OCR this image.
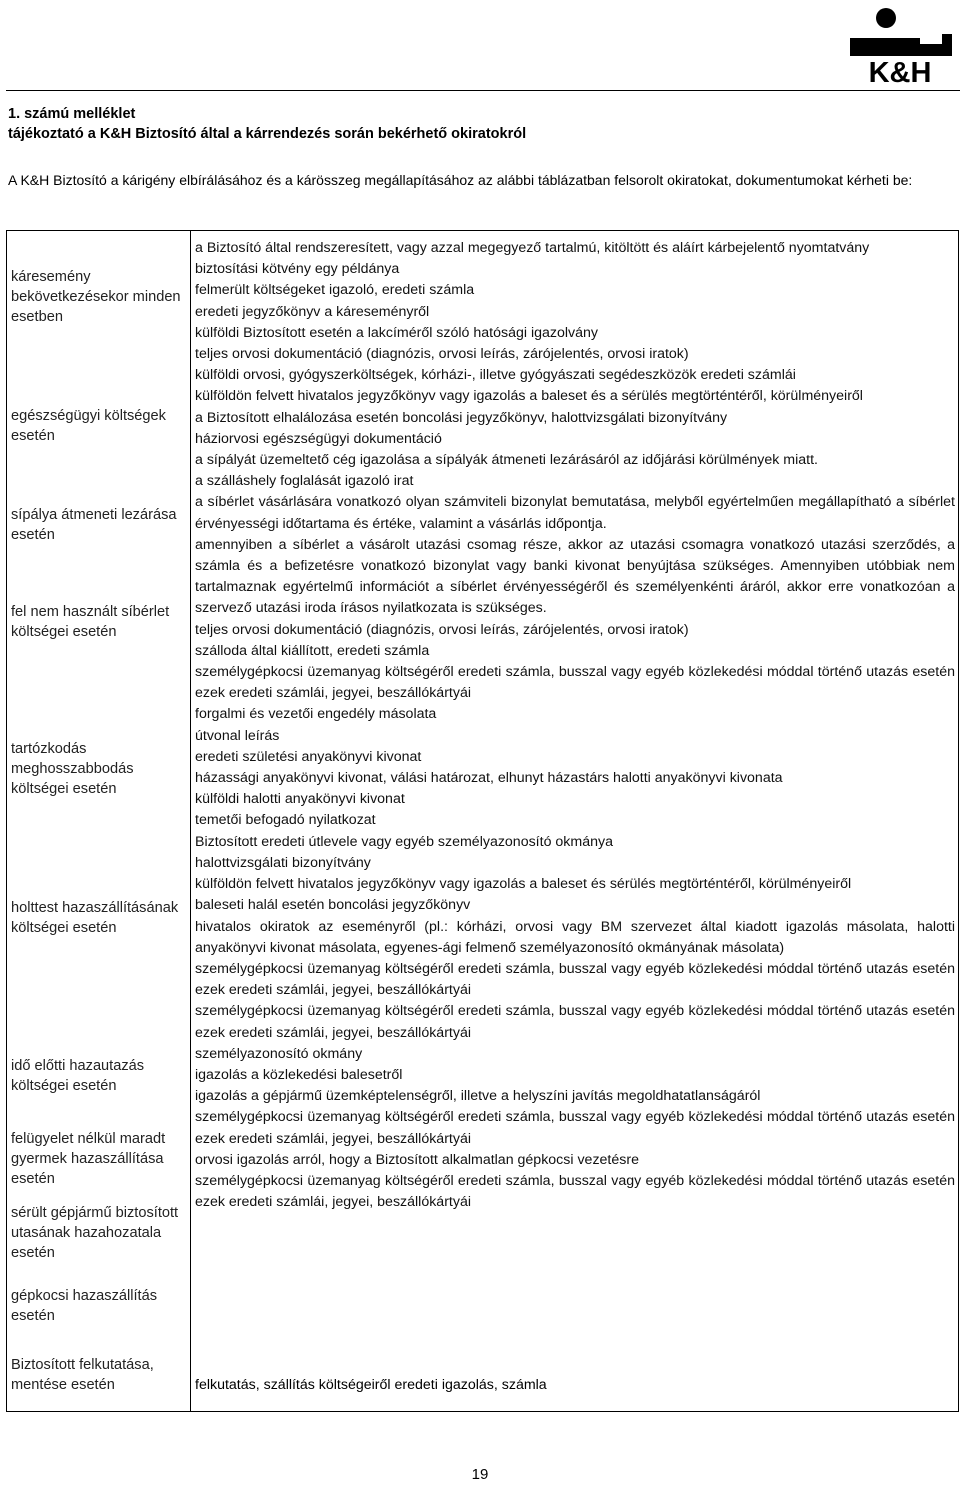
K&H
1. számú melléklet
tájékoztató a K&H Biztosító által a kárrendezés során bekérhető okiratokról
A K&H Biztosító a kárigény elbírálásához és a kárösszeg megállapításához az alábbi táblázatban felsorolt okiratokat, dokumentumokat kérheti be:
káresemény bekövetkezésekor minden esetben
egészségügyi költségek esetén
sípálya átmeneti lezárása esetén
fel nem használt síbérlet költségei esetén
tartózkodás meghosszabbodás költségei esetén
holttest hazaszállításának költségei esetén
idő előtti hazautazás költségei esetén
felügyelet nélkül maradt gyermek hazaszállítása esetén
sérült gépjármű biztosított utasának hazahozatala esetén
gépkocsi hazaszállítás esetén
Biztosított felkutatása, mentése esetén
a Biztosító által rendszeresített, vagy azzal megegyező tartalmú, kitöltött és aláírt kárbejelentő nyomtatvány
biztosítási kötvény egy példánya
felmerült költségeket igazoló, eredeti számla
eredeti jegyzőkönyv a káreseményről
külföldi Biztosított esetén a lakcíméről szóló hatósági igazolvány
teljes orvosi dokumentáció (diagnózis, orvosi leírás, zárójelentés, orvosi iratok)
külföldi orvosi, gyógyszerköltségek, kórházi-, illetve gyógyászati segédeszközök eredeti számlái
külföldön felvett hivatalos jegyzőkönyv vagy igazolás a baleset és a sérülés megtörténtéről, körülményeiről
a Biztosított elhalálozása esetén boncolási jegyzőkönyv, halottvizsgálati bizonyítvány
háziorvosi egészségügyi dokumentáció
a sípályát üzemeltető cég igazolása a sípályák átmeneti lezárásáról az időjárási körülmények miatt.
a szálláshely foglalását igazoló irat
a síbérlet vásárlására vonatkozó olyan számviteli bizonylat bemutatása, melyből egyértelműen megállapítható a síbérlet érvényességi időtartama és értéke, valamint a vásárlás időpontja.
amennyiben a síbérlet a vásárolt utazási csomag része, akkor az utazási csomagra vonatkozó utazási szerződés, a számla és a befizetésre vonatkozó bizonylat vagy banki kivonat benyújtása szükséges. Amennyiben utóbbiak nem tartalmaznak egyértelmű információt a síbérlet érvényességéről és személyenkénti áráról, akkor erre vonatkozóan a szervező utazási iroda írásos nyilatkozata is szükséges.
teljes orvosi dokumentáció (diagnózis, orvosi leírás, zárójelentés, orvosi iratok)
szálloda által kiállított, eredeti számla
személygépkocsi üzemanyag költségéről eredeti számla, busszal vagy egyéb közlekedési móddal történő utazás esetén ezek eredeti számlái, jegyei, beszállókártyái
forgalmi és vezetői engedély másolata
útvonal leírás
eredeti születési anyakönyvi kivonat
házassági anyakönyvi kivonat, válási határozat, elhunyt házastárs halotti anyakönyvi kivonata
külföldi halotti anyakönyvi kivonat
temetői befogadó nyilatkozat
Biztosított eredeti útlevele vagy egyéb személyazonosító okmánya
halottvizsgálati bizonyítvány
külföldön felvett hivatalos jegyzőkönyv vagy igazolás a baleset és sérülés megtörténtéről, körülményeiről
baleseti halál esetén boncolási jegyzőkönyv
hivatalos okiratok az eseményről (pl.: kórházi, orvosi vagy BM szervezet által kiadott igazolás másolata, halotti anyakönyvi kivonat másolata, egyenes-ági felmenő személyazonosító okmányának másolata)
személygépkocsi üzemanyag költségéről eredeti számla, busszal vagy egyéb közlekedési móddal történő utazás esetén ezek eredeti számlái, jegyei, beszállókártyái
személygépkocsi üzemanyag költségéről eredeti számla, busszal vagy egyéb közlekedési móddal történő utazás esetén ezek eredeti számlái, jegyei, beszállókártyái
személyazonosító okmány
igazolás a közlekedési balesetről
igazolás a gépjármű üzemképtelenségről, illetve a helyszíni javítás megoldhatatlanságáról
személygépkocsi üzemanyag költségéről eredeti számla, busszal vagy egyéb közlekedési móddal történő utazás esetén ezek eredeti számlái, jegyei, beszállókártyái
orvosi igazolás arról, hogy a Biztosított alkalmatlan gépkocsi vezetésre
személygépkocsi üzemanyag költségéről eredeti számla, busszal vagy egyéb közlekedési móddal történő utazás esetén ezek eredeti számlái, jegyei, beszállókártyái
felkutatás, szállítás költségeiről eredeti igazolás, számla
19
